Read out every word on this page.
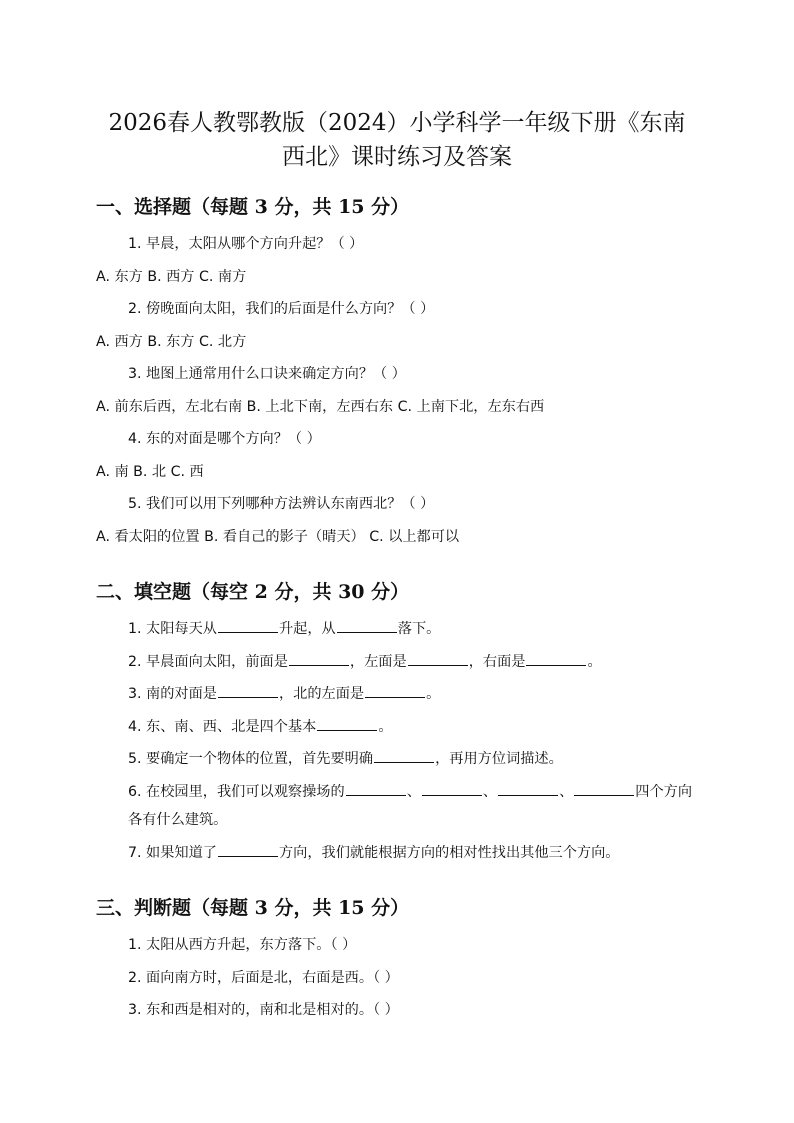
2026春人教鄂教版（2024）小学科学一年级下册《东南
西北》课时练习及答案
一、选择题（每题 3 分，共 15 分）
1. 早晨，太阳从哪个方向升起？（ ）
A. 东方 B. 西方 C. 南方
2. 傍晚面向太阳，我们的后面是什么方向？（ ）
A. 西方 B. 东方 C. 北方
3. 地图上通常用什么口诀来确定方向？（ ）
A. 前东后西，左北右南 B. 上北下南，左西右东 C. 上南下北，左东右西
4. 东的对面是哪个方向？（ ）
A. 南 B. 北 C. 西
5. 我们可以用下列哪种方法辨认东南西北？（ ）
A. 看太阳的位置 B. 看自己的影子（晴天） C. 以上都可以
二、填空题（每空 2 分，共 30 分）
1. 太阳每天从	升起，从	落下。
2. 早晨面向太阳，前面是	，左面是	，右面是	。
3. 南的对面是	，北的左面是	。
4. 东、南、西、北是四个基本	。
5. 要确定一个物体的位置，首先要明确	，再用方位词描述。
6. 在校园里，我们可以观察操场的	、	、	、	四个方向各有什么建筑。
7. 如果知道了	方向，我们就能根据方向的相对性找出其他三个方向。
三、判断题（每题 3 分，共 15 分）
1. 太阳从西方升起，东方落下。（ ）
2. 面向南方时，后面是北，右面是西。（ ）
3. 东和西是相对的，南和北是相对的。（ ）
